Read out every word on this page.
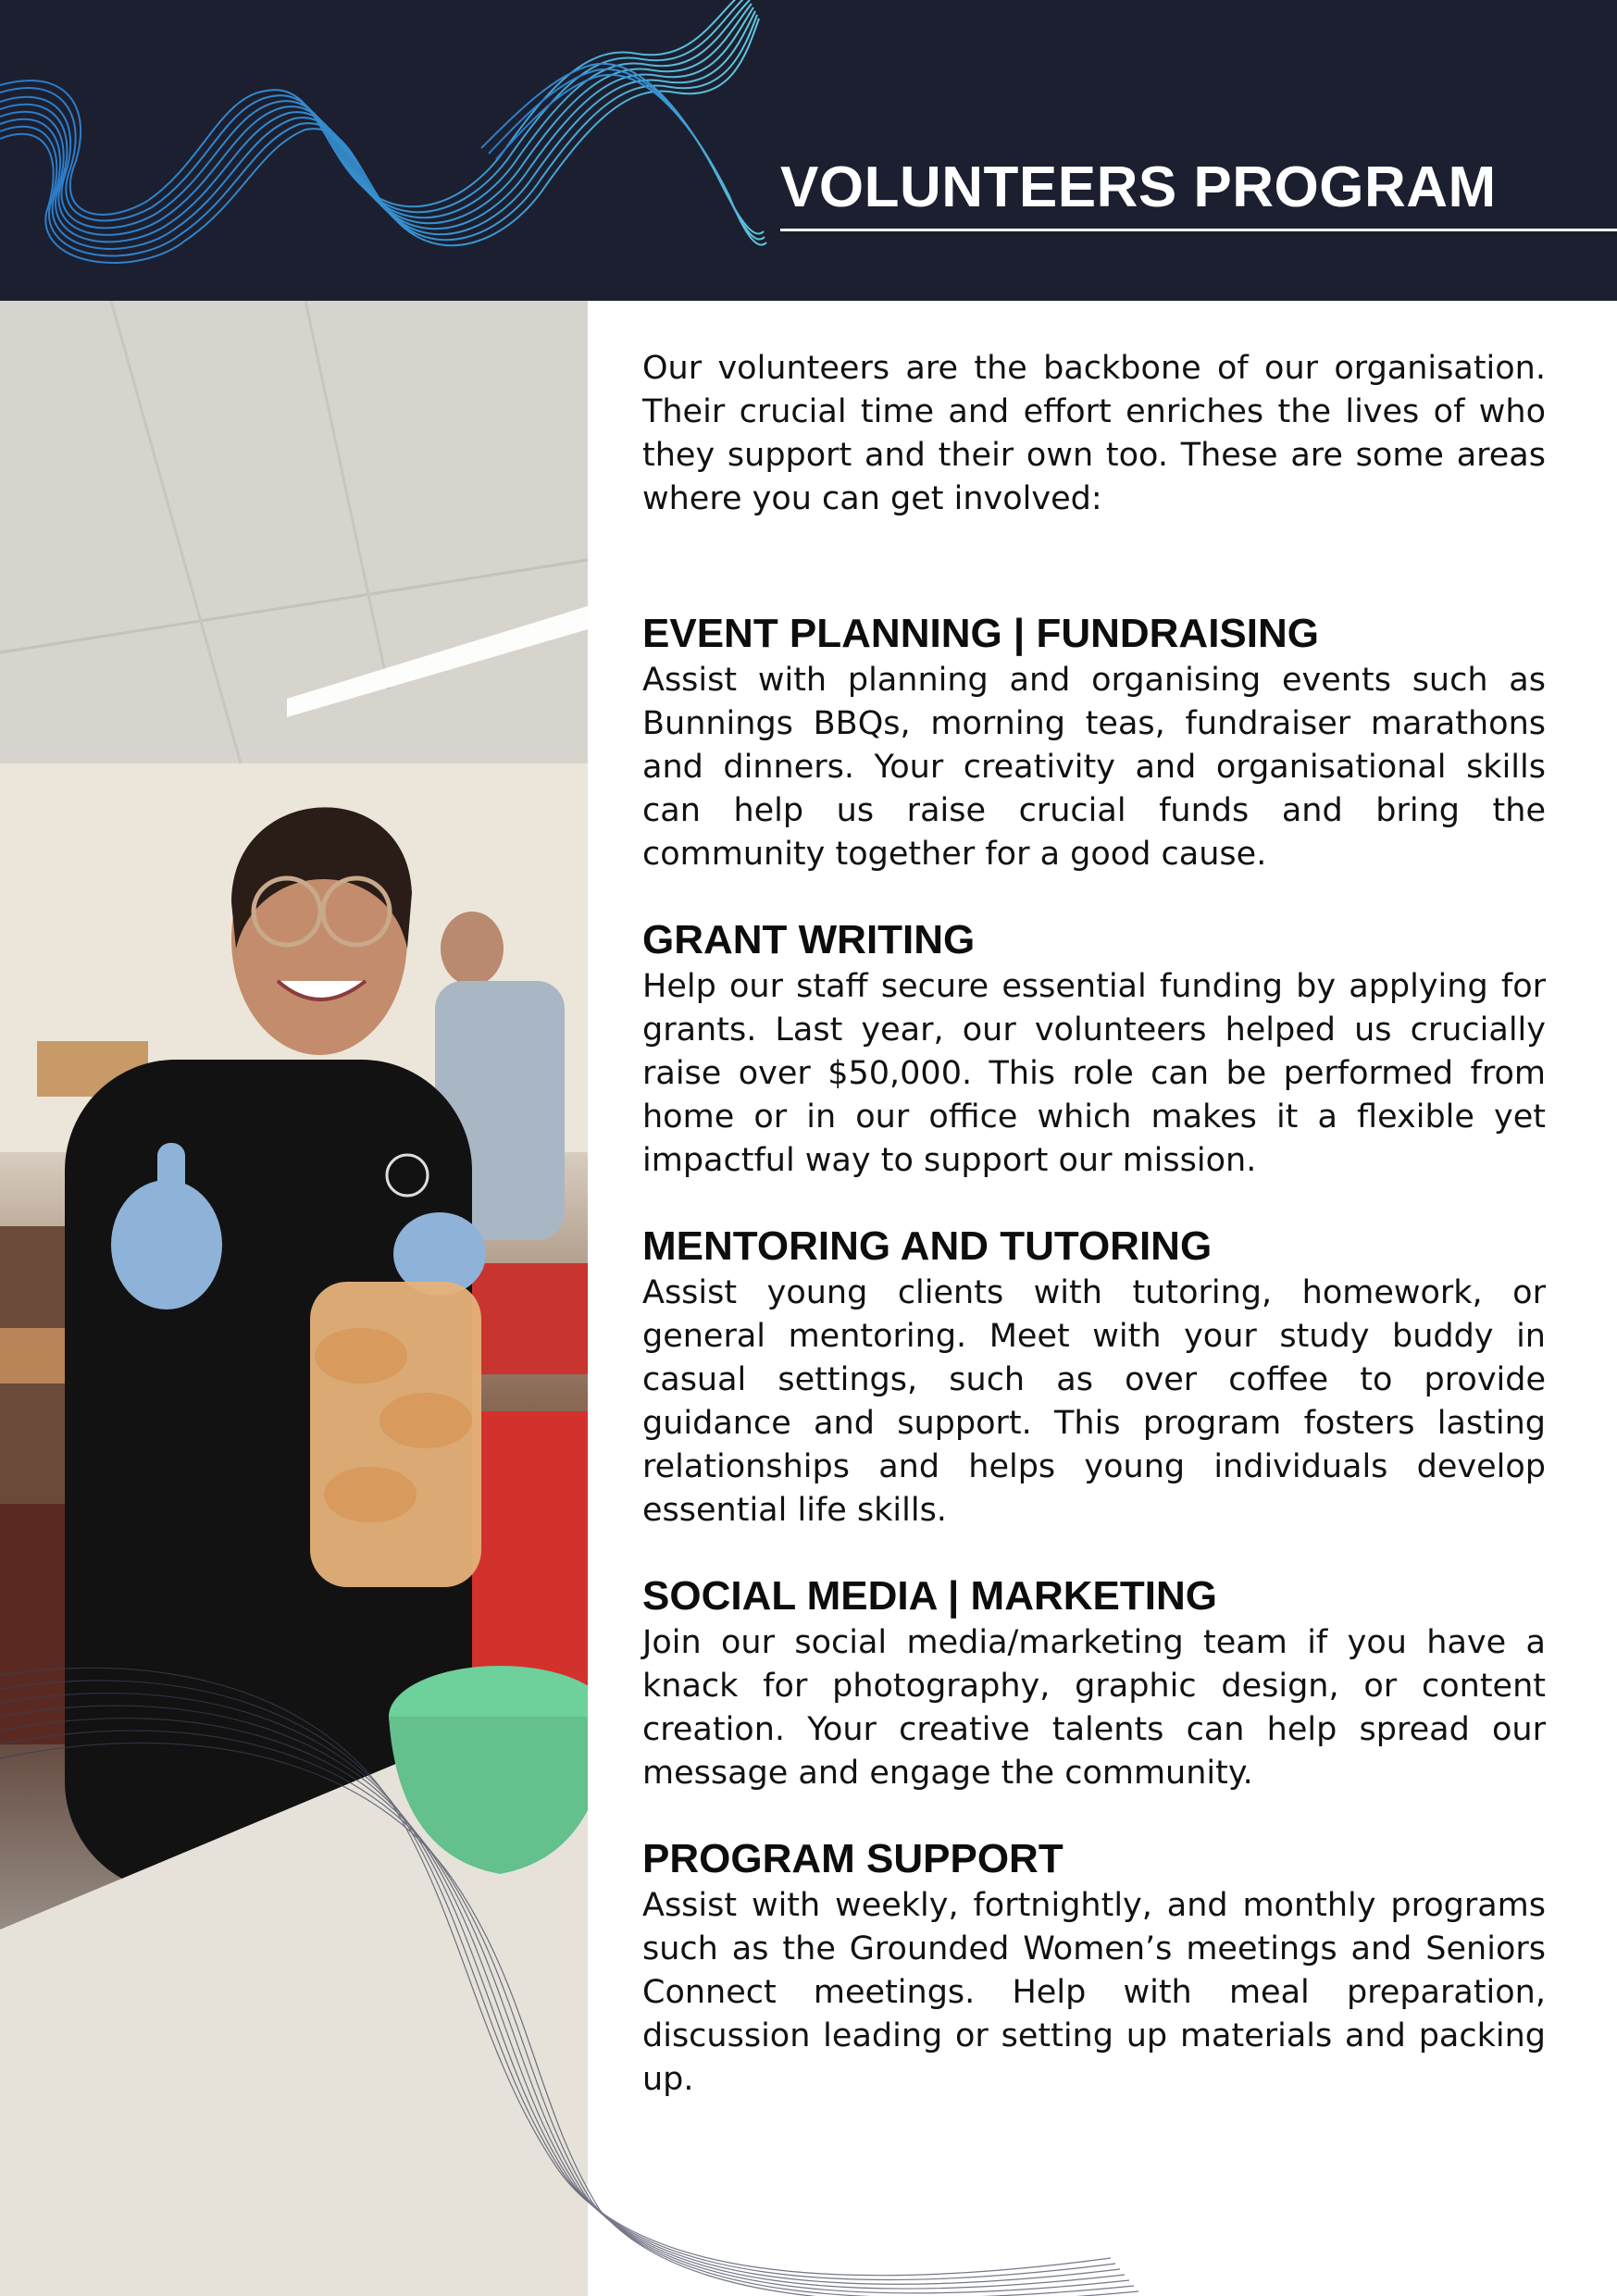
VOLUNTEERS PROGRAM

Our volunteers are the backbone of our organisation. Their crucial time and effort enriches the lives of who they support and their own too. These are some areas where you can get involved:

EVENT PLANNING | FUNDRAISING

Assist with planning and organising events such as Bunnings BBQs, morning teas, fundraiser marathons and dinners. Your creativity and organisational skills can help us raise crucial funds and bring the community together for a good cause.

GRANT WRITING

Help our staff secure essential funding by applying for grants. Last year, our volunteers helped us crucially raise over $50,000. This role can be performed from home or in our office which makes it a flexible yet impactful way to support our mission.

MENTORING AND TUTORING

Assist young clients with tutoring, homework, or general mentoring. Meet with your study buddy in casual settings, such as over coffee to provide guidance and support. This program fosters lasting relationships and helps young individuals develop essential life skills.

SOCIAL MEDIA | MARKETING

Join our social media/marketing team if you have a knack for photography, graphic design, or content creation. Your creative talents can help spread our message and engage the community.

PROGRAM SUPPORT

Assist with weekly, fortnightly, and monthly programs such as the Grounded Women’s meetings and Seniors Connect meetings. Help with meal preparation, discussion leading or setting up materials and packing up.
